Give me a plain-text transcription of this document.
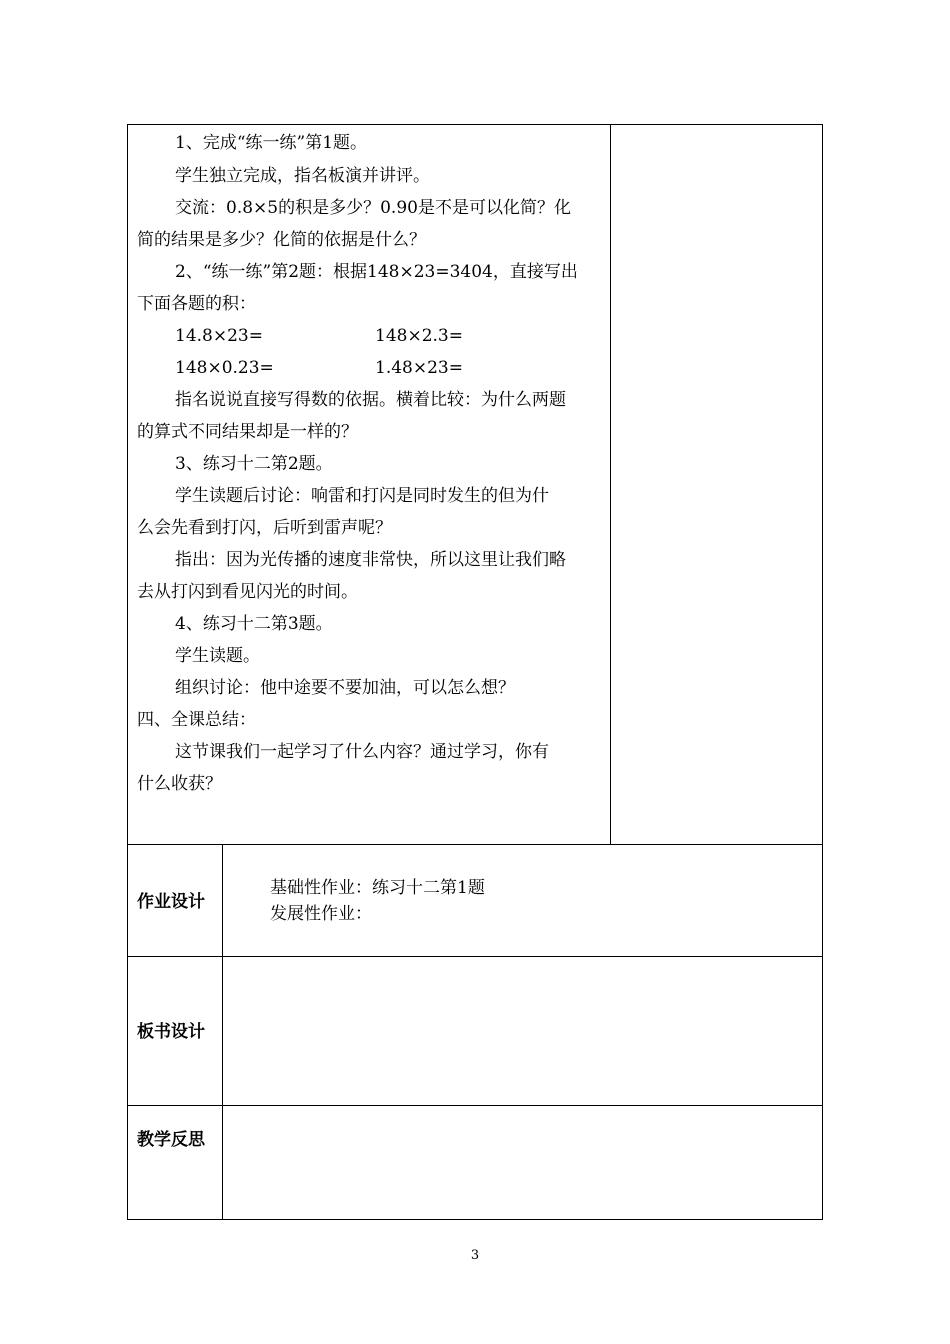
1、完成“练一练”第1题。
学生独立完成，指名板演并讲评。
交流：0.8×5的积是多少？0.90是不是可以化简？化
简的结果是多少？化简的依据是什么？
2、“练一练”第2题：根据148×23=3404，直接写出
下面各题的积：
14.8×23=	148×2.3=
148×0.23=	1.48×23=
指名说说直接写得数的依据。横着比较：为什么两题
的算式不同结果却是一样的？
3、练习十二第2题。
学生读题后讨论：响雷和打闪是同时发生的但为什
么会先看到打闪，后听到雷声呢？
指出：因为光传播的速度非常快，所以这里让我们略
去从打闪到看见闪光的时间。
4、练习十二第3题。
学生读题。
组织讨论：他中途要不要加油，可以怎么想？
四、全课总结：
这节课我们一起学习了什么内容？通过学习，你有
什么收获？
作业设计
基础性作业：练习十二第1题
发展性作业：
板书设计
教学反思
3
